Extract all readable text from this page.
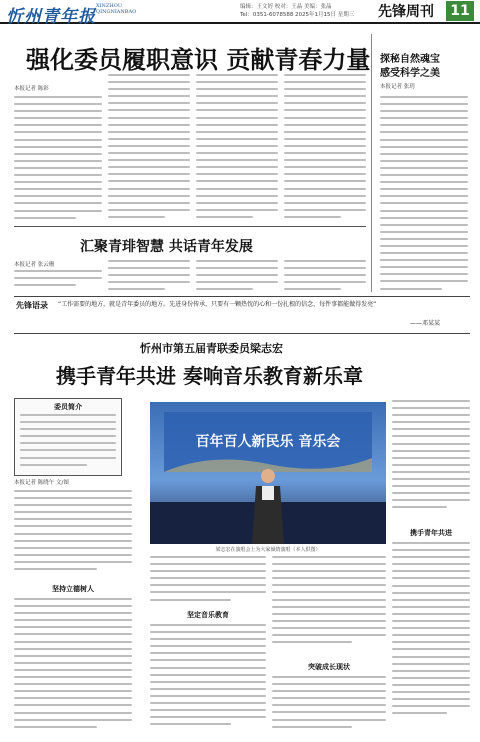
忻州青年报
XINZHOU QINGNIANBAO
编辑：王文婷 校对：王晶 美编：张晶
Tel：0351-6078588 2025年1月15日 星期三 先锋周刊	11
强化委员履职意识 贡献青春力量
本报记者 陈彩
探秘自然魂宝
感受科学之美
本报记者 张玥
汇聚青琲智慧 共话青年发展
本报记者 张云珊
先锋语录 “工作需要的地方，就是青年委员的地方。先进身份传承，只要有一颗热忱的心和一份扎根的信念，每件事都能做得发亮”
——邓某某
忻州市第五届青联委员梁志宏
携手青年共进 奏响音乐教育新乐章
委员简介
本报记者 陈晓午 文/图
坚持立德树人
百年百人新民乐 音乐会
梁志宏在演唱会上为大家倾情演唱（本人供图）
坚定音乐教育
突破成长现状
携手青年共进
